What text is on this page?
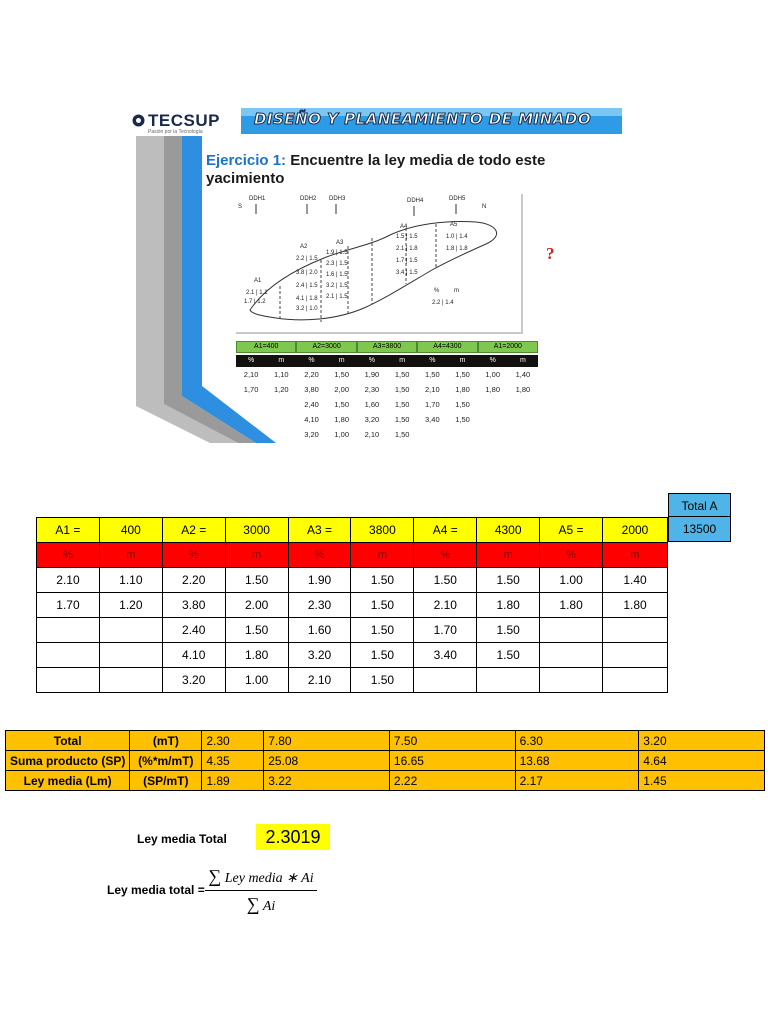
TECSUP
Pasión por la Tecnología
DISEÑO Y PLANEAMIENTO DE MINADO
Ejercicio 1: Encuentre la ley media de todo este yacimiento
S
DDH1	DDH2 DDH3	DDH4	DDH5
N
A1
A2
A3
A4	A5
2.1 | 1.1
1.7 | 1.2
2.2 | 1.5
3.8 | 2.0
2.4 | 1.5
4.1 | 1.8
3.2 | 1.0
1.9 | 1.5
2.3 | 1.5
1.6 | 1.5
3.2 | 1.5
2.1 | 1.5
1.5 | 1.5
2.1 | 1.8
1.7 | 1.5
3.4 | 1.5
1.0 | 1.4
1.8 | 1.8
% m
2.2 | 1.4
?
A1=400	A2=3000	A3=3800	A4=4300	A1=2000
%	m	%	m	%	m	%	m	%	m
2,10	1,10	2,20	1,50	1,90	1,50	1,50	1,50	1,00	1,40
1,70	1,20	3,80	2,00	2,30	1,50	2,10	1,80	1,80	1,80
2,40	1,50	1,60	1,50	1,70	1,50
4,10	1,80	3,20	1,50	3,40	1,50
3,20	1,00	2,10	1,50
Total A
13500
A1 =	400	A2 =	3000	A3 =	3800	A4 =	4300	A5 =	2000
%	m	%	m	%	m	%	m	%	m
2.10	1.10	2.20	1.50	1.90	1.50	1.50	1.50	1.00	1.40
1.70	1.20	3.80	2.00	2.30	1.50	2.10	1.80	1.80	1.80
		2.40	1.50	1.60	1.50	1.70	1.50		
		4.10	1.80	3.20	1.50	3.40	1.50		
		3.20	1.00	2.10	1.50				
Total	(mT)	2.30	7.80	7.50	6.30	3.20
Suma producto (SP)	(%*m/mT)	4.35	25.08	16.65	13.68	4.64
Ley media (Lm)	(SP/mT)	1.89	3.22	2.22	2.17	1.45
Ley media Total	2.3019
Ley media total =
∑ Ley media ∗ Ai
∑ Ai
